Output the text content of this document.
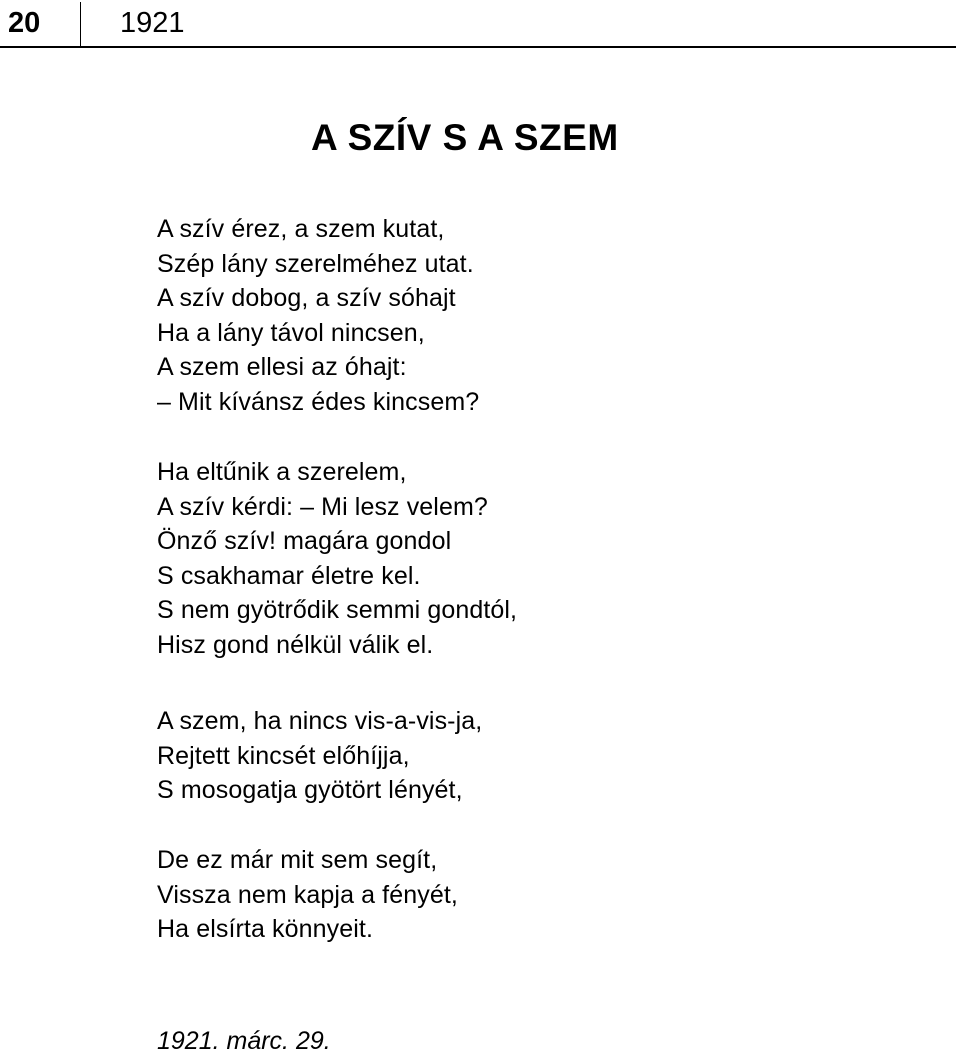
20	1921
A SZÍV S A SZEM
A szív érez, a szem kutat,
Szép lány szerelméhez utat.
A szív dobog, a szív sóhajt
Ha a lány távol nincsen,
A szem ellesi az óhajt:
– Mit kívánsz édes kincsem?
Ha eltűnik a szerelem,
A szív kérdi: – Mi lesz velem?
Önző szív! magára gondol
S csakhamar életre kel.
S nem gyötrődik semmi gondtól,
Hisz gond nélkül válik el.
A szem, ha nincs vis-a-vis-ja,
Rejtett kincsét előhíjja,
S mosogatja gyötört lényét,
De ez már mit sem segít,
Vissza nem kapja a fényét,
Ha elsírta könnyeit.
1921. márc. 29.
